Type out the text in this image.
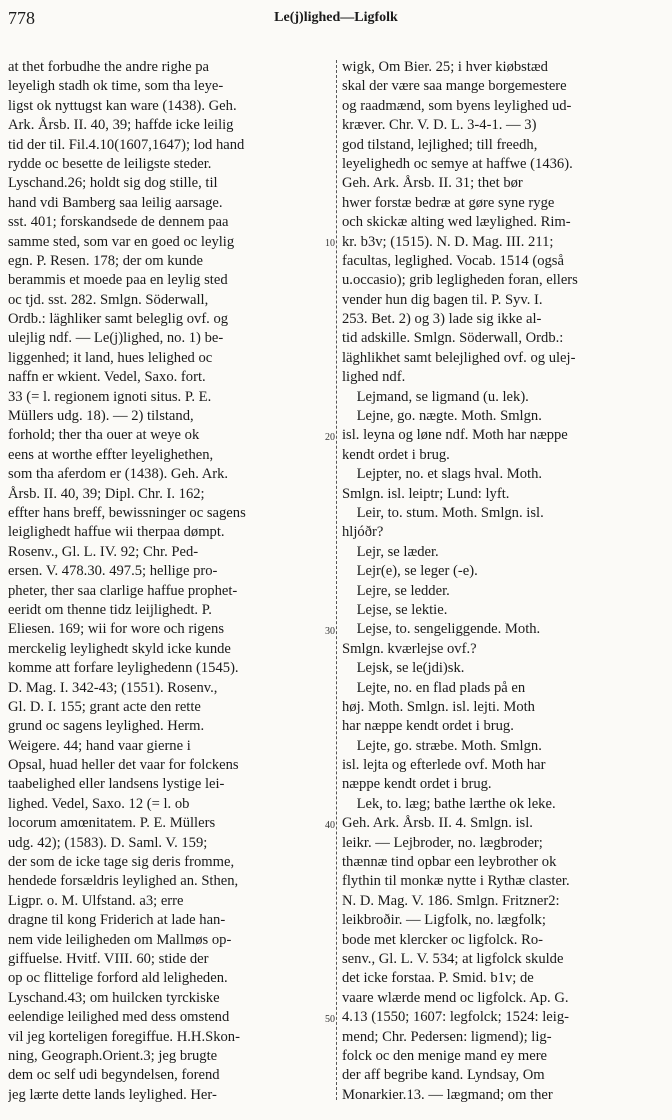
778	Le(j)lighed—Ligfolk
at thet forbudhe the andre righe pa
leyeligh stadh ok time, som tha leye-
ligst ok nyttugst kan ware (1438). Geh.
Ark. Årsb. II. 40, 39; haffde icke leilig
tid der til. Fil.4.10(1607,1647); lod hand
rydde oc besette de leiligste steder.
Lyschand.26; holdt sig dog stille, til
hand vdi Bamberg saa leilig aarsage.
sst. 401; forskandsede de dennem paa
samme sted, som var en goed oc leylig
egn. P. Resen. 178; der om kunde
berammis et moede paa en leylig sted
oc tjd. sst. 282. Smlgn. Söderwall,
Ordb.: läghliker samt beleglig ovf. og
ulejlig ndf. — Le(j)lighed, no. 1) be-
liggenhed; it land, hues lelighed oc
naffn er wkient. Vedel, Saxo. fort.
33 (= l. regionem ignoti situs. P. E.
Müllers udg. 18). — 2) tilstand,
forhold; ther tha ouer at weye ok
eens at worthe effter leyelighethen,
som tha aferdom er (1438). Geh. Ark.
Årsb. II. 40, 39; Dipl. Chr. I. 162;
effter hans breff, bewissninger oc sagens
leiglighedt haffue wii therpaa dømpt.
Rosenv., Gl. L. IV. 92; Chr. Ped-
ersen. V. 478.30. 497.5; hellige pro-
pheter, ther saa clarlige haffue prophet-
eeridt om thenne tidz leijlighedt. P.
Eliesen. 169; wii for wore och rigens
merckelig leylighedt skyld icke kunde
komme att forfare leylighedenn (1545).
D. Mag. I. 342-43; (1551). Rosenv.,
Gl. D. I. 155; grant acte den rette
grund oc sagens leylighed. Herm.
Weigere. 44; hand vaar gierne i
Opsal, huad heller det vaar for folckens
taabelighed eller landsens lystige lei-
lighed. Vedel, Saxo. 12 (= l. ob
locorum amœnitatem. P. E. Müllers
udg. 42); (1583). D. Saml. V. 159;
der som de icke tage sig deris fromme,
hendede forsældris leylighed an. Sthen,
Ligpr. o. M. Ulfstand. a3; erre
dragne til kong Friderich at lade han-
nem vide leiligheden om Mallmøs op-
giffuelse. Hvitf. VIII. 60; stide der
op oc flittelige forford ald leligheden.
Lyschand.43; om huilcken tyrckiske
eelendige leilighed med dess omstend
vil jeg korteligen foregiffue. H.H.Skon-
ning, Geograph.Orient.3; jeg brugte
dem oc self udi begyndelsen, forend
jeg lærte dette lands leylighed. Her-
wigk, Om Bier. 25; i hver kiøbstæd
skal der være saa mange borgemestere
og raadmænd, som byens leylighed ud-
kræver. Chr. V. D. L. 3-4-1. — 3)
god tilstand, lejlighed; till freedh,
leyelighedh oc semye at haffwe (1436).
Geh. Ark. Årsb. II. 31; thet bør
hwer forstæ bedræ at gøre syne ryge
och skickæ alting wed læylighed. Rim-
kr. b3v; (1515). N. D. Mag. III. 211;
facultas, leglighed. Vocab. 1514 (også
u.occasio); grib legligheden foran, ellers
vender hun dig bagen til. P. Syv. I.
253. Bet. 2) og 3) lade sig ikke al-
tid adskille. Smlgn. Söderwall, Ordb.:
läghlikhet samt belejlighed ovf. og ulej-
lighed ndf.
Lejmand, se ligmand (u. lek).
Lejne, go. nægte. Moth. Smlgn.
isl. leyna og løne ndf. Moth har næppe
kendt ordet i brug.
Lejpter, no. et slags hval. Moth.
Smlgn. isl. leiptr; Lund: lyft.
Leir, to. stum. Moth. Smlgn. isl.
hljóðr?
Lejr, se læder.
Lejr(e), se leger (-e).
Lejre, se ledder.
Lejse, se lektie.
Lejse, to. sengeliggende. Moth.
Smlgn. kværlejse ovf.?
Lejsk, se le(jdi)sk.
Lejte, no. en flad plads på en
høj. Moth. Smlgn. isl. lejti. Moth
har næppe kendt ordet i brug.
Lejte, go. stræbe. Moth. Smlgn.
isl. lejta og efterlede ovf. Moth har
næppe kendt ordet i brug.
Lek, to. læg; bathe lærthe ok leke.
Geh. Ark. Årsb. II. 4. Smlgn. isl.
leikr. — Lejbroder, no. lægbroder;
thænnæ tind opbar een leybrother ok
flythin til monkæ nytte i Rythæ claster.
N. D. Mag. V. 186. Smlgn. Fritzner2:
leikbroðir. — Ligfolk, no. lægfolk;
bode met klercker oc ligfolck. Ro-
senv., Gl. L. V. 534; at ligfolck skulde
det icke forstaa. P. Smid. b1v; de
vaare wlærde mend oc ligfolck. Ap. G.
4.13 (1550; 1607: legfolck; 1524: leig-
mend; Chr. Pedersen: ligmend); lig-
folck oc den menige mand ey mere
der aff begribe kand. Lyndsay, Om
Monarkier.13. — lægmand; om ther
10
20
30
40
50
